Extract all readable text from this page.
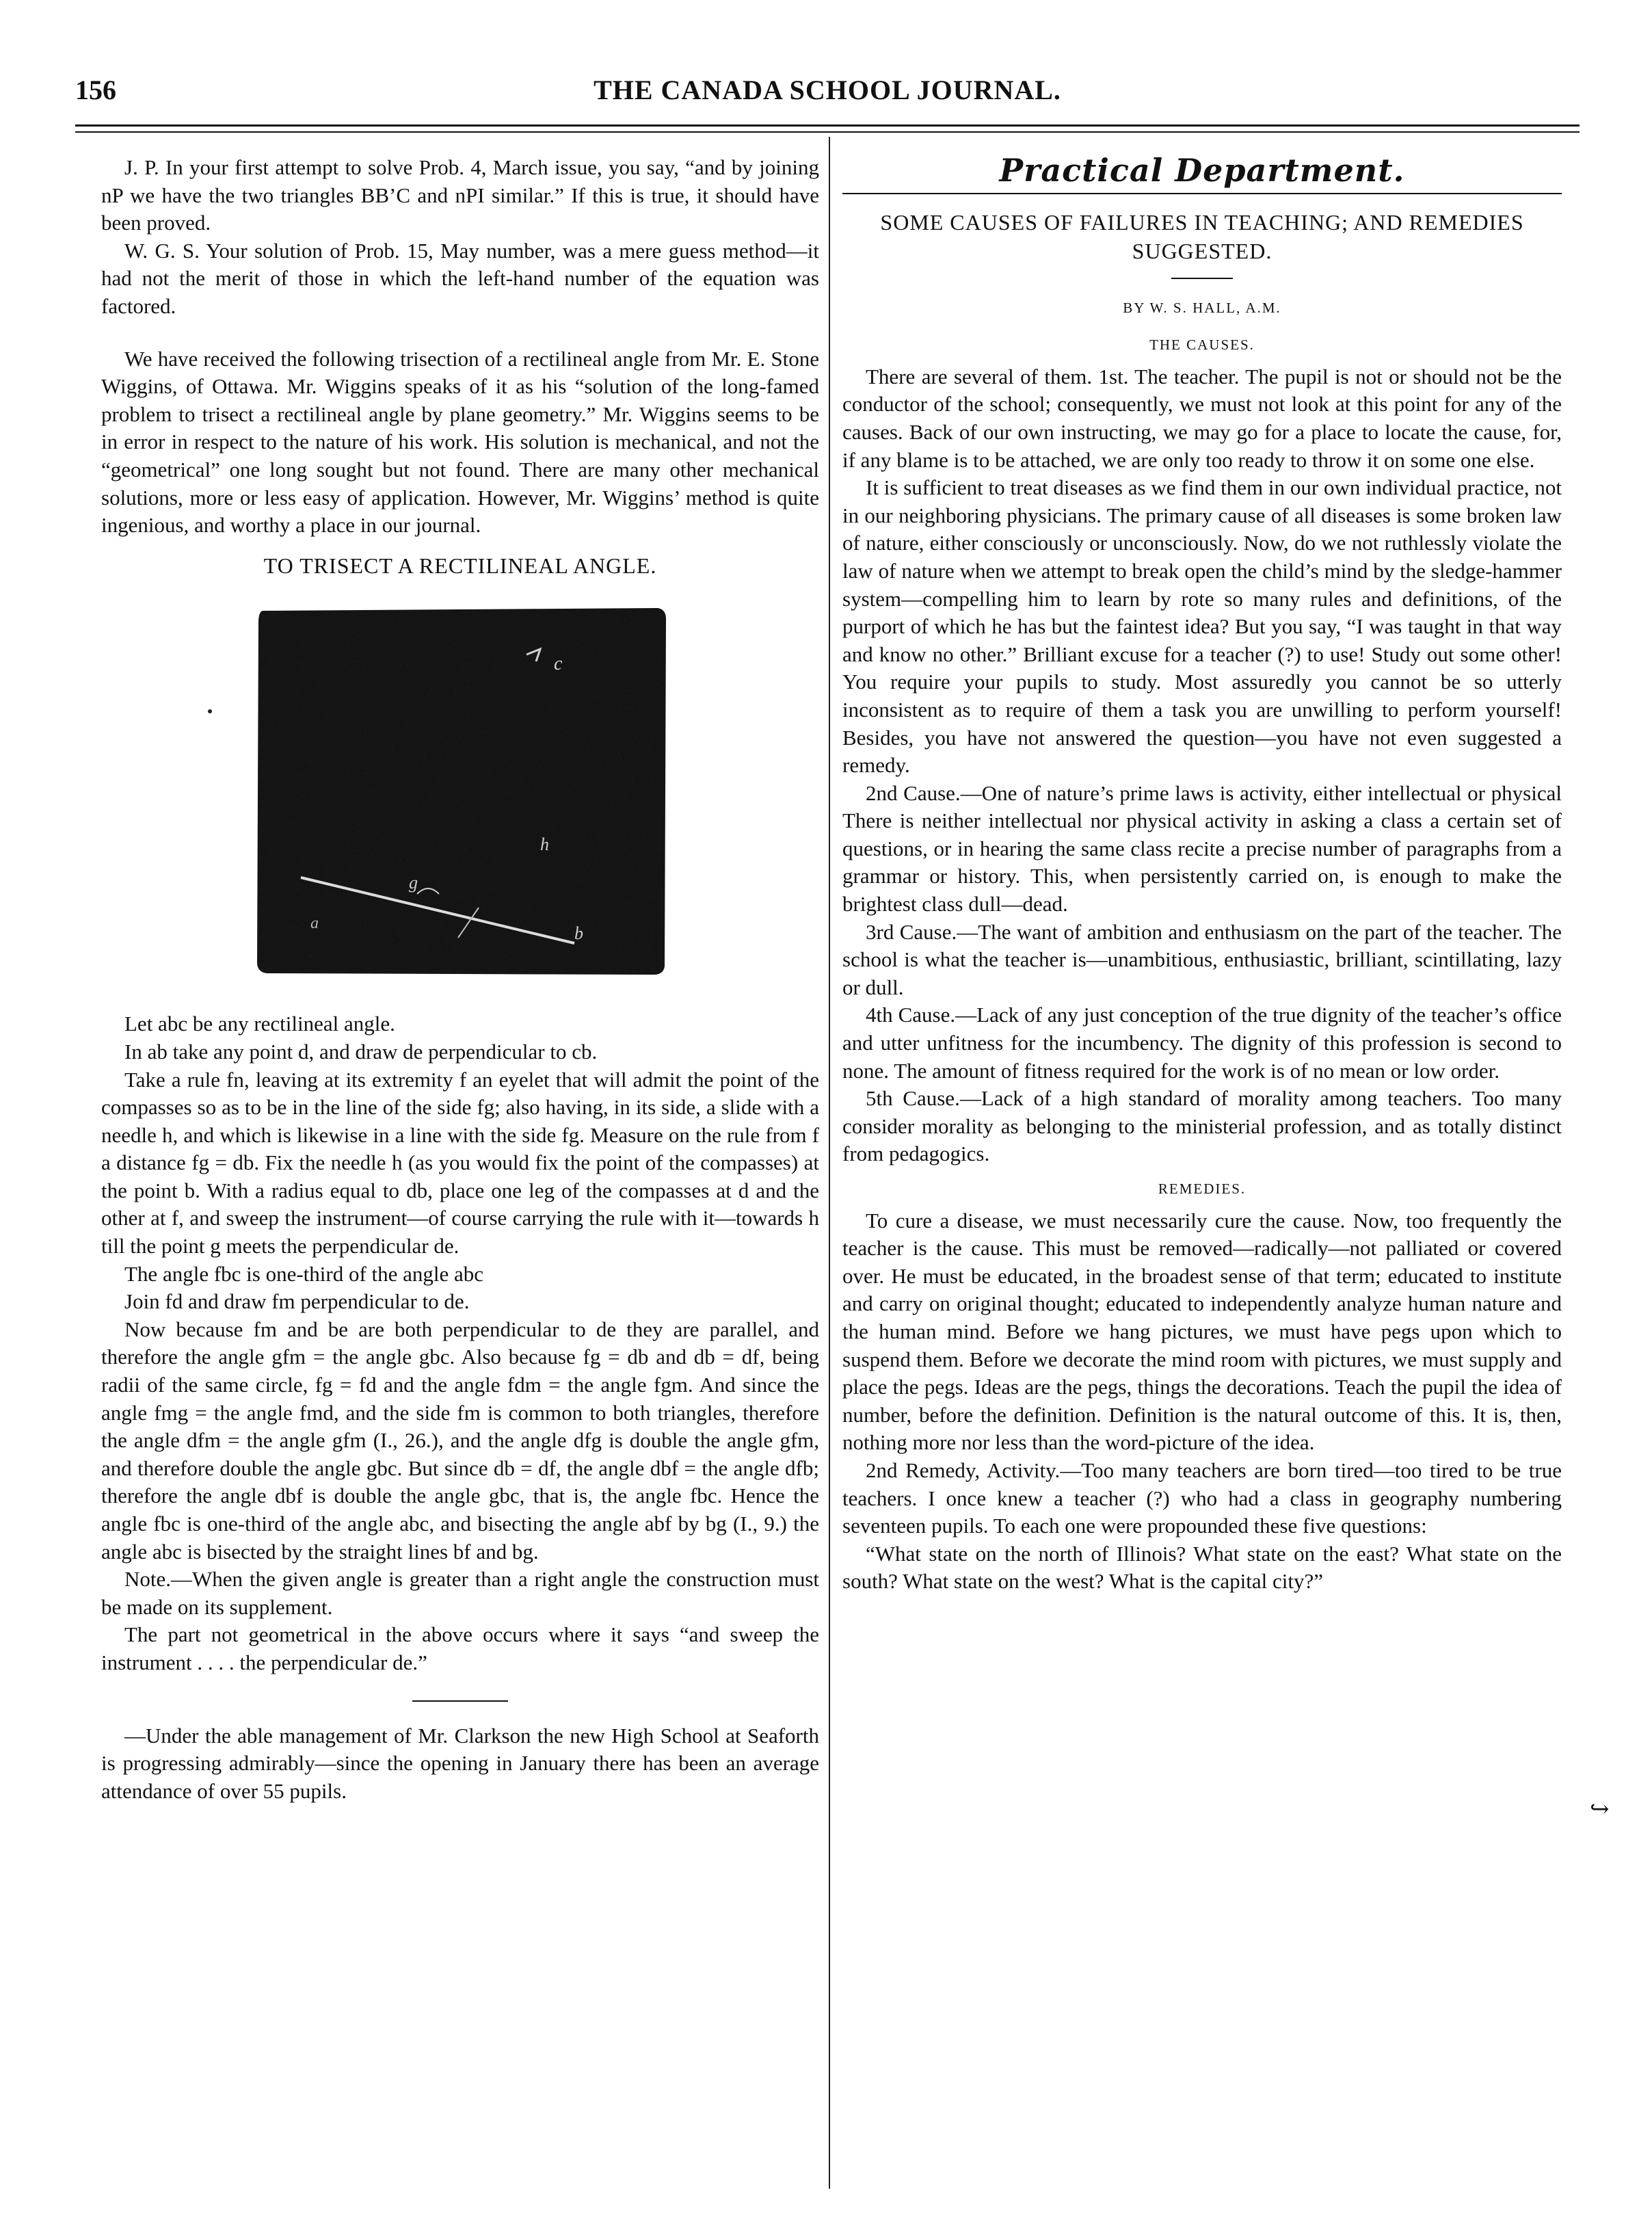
THE CANADA SCHOOL JOURNAL.
156

J. P. In your first attempt to solve Prob. 4, March issue, you say, “and by joining nP we have the two triangles BB’C and nPI similar.” If this is true, it should have been proved.

W. G. S. Your solution of Prob. 15, May number, was a mere guess method—it had not the merit of those in which the left-hand number of the equation was factored.

We have received the following trisection of a rectilineal angle from Mr. E. Stone Wiggins, of Ottawa. Mr. Wiggins speaks of it as his “solution of the long-famed problem to trisect a rectilineal angle by plane geometry.” Mr. Wiggins seems to be in error in respect to the nature of his work. His solution is mechanical, and not the “geometrical” one long sought but not found. There are many other mechanical solutions, more or less easy of application. However, Mr. Wiggins’ method is quite ingenious, and worthy a place in our journal.

TO TRISECT A RECTILINEAL ANGLE.
c
h
g
b
a

Let abc be any rectilineal angle.

In ab take any point d, and draw de perpendicular to cb.

Take a rule fn, leaving at its extremity f an eyelet that will admit the point of the compasses so as to be in the line of the side fg; also having, in its side, a slide with a needle h, and which is likewise in a line with the side fg. Measure on the rule from f a distance fg = db. Fix the needle h (as you would fix the point of the compasses) at the point b. With a radius equal to db, place one leg of the compasses at d and the other at f, and sweep the instrument—of course carrying the rule with it—towards h till the point g meets the perpendicular de.

The angle fbc is one-third of the angle abc

Join fd and draw fm perpendicular to de.

Now because fm and be are both perpendicular to de they are parallel, and therefore the angle gfm = the angle gbc. Also because fg = db and db = df, being radii of the same circle, fg = fd and the angle fdm = the angle fgm. And since the angle fmg = the angle fmd, and the side fm is common to both triangles, therefore the angle dfm = the angle gfm (I., 26.), and the angle dfg is double the angle gfm, and therefore double the angle gbc. But since db = df, the angle dbf = the angle dfb; therefore the angle dbf is double the angle gbc, that is, the angle fbc. Hence the angle fbc is one-third of the angle abc, and bisecting the angle abf by bg (I., 9.) the angle abc is bisected by the straight lines bf and bg.

Note.—When the given angle is greater than a right angle the construction must be made on its supplement.

The part not geometrical in the above occurs where it says “and sweep the instrument . . . . the perpendicular de.”

—Under the able management of Mr. Clarkson the new High School at Seaforth is progressing admirably—since the opening in January there has been an average attendance of over 55 pupils.

Practical Department.
SOME CAUSES OF FAILURES IN TEACHING; AND REMEDIES SUGGESTED.
BY W. S. HALL, A.M.
THE CAUSES.

There are several of them. 1st. The teacher. The pupil is not or should not be the conductor of the school; consequently, we must not look at this point for any of the causes. Back of our own instructing, we may go for a place to locate the cause, for, if any blame is to be attached, we are only too ready to throw it on some one else.

It is sufficient to treat diseases as we find them in our own individual practice, not in our neighboring physicians. The primary cause of all diseases is some broken law of nature, either consciously or unconsciously. Now, do we not ruthlessly violate the law of nature when we attempt to break open the child’s mind by the sledge-hammer system—compelling him to learn by rote so many rules and definitions, of the purport of which he has but the faintest idea? But you say, “I was taught in that way and know no other.” Brilliant excuse for a teacher (?) to use! Study out some other! You require your pupils to study. Most assuredly you cannot be so utterly inconsistent as to require of them a task you are unwilling to perform yourself! Besides, you have not answered the question—you have not even suggested a remedy.

2nd Cause.—One of nature’s prime laws is activity, either intellectual or physical There is neither intellectual nor physical activity in asking a class a certain set of questions, or in hearing the same class recite a precise number of paragraphs from a grammar or history. This, when persistently carried on, is enough to make the brightest class dull—dead.

3rd Cause.—The want of ambition and enthusiasm on the part of the teacher. The school is what the teacher is—unambitious, enthusiastic, brilliant, scintillating, lazy or dull.

4th Cause.—Lack of any just conception of the true dignity of the teacher’s office and utter unfitness for the incumbency. The dignity of this profession is second to none. The amount of fitness required for the work is of no mean or low order.

5th Cause.—Lack of a high standard of morality among teachers. Too many consider morality as belonging to the ministerial profession, and as totally distinct from pedagogics.

REMEDIES.

To cure a disease, we must necessarily cure the cause. Now, too frequently the teacher is the cause. This must be removed—radically—not palliated or covered over. He must be educated, in the broadest sense of that term; educated to institute and carry on original thought; educated to independently analyze human nature and the human mind. Before we hang pictures, we must have pegs upon which to suspend them. Before we decorate the mind room with pictures, we must supply and place the pegs. Ideas are the pegs, things the decorations. Teach the pupil the idea of number, before the definition. Definition is the natural outcome of this. It is, then, nothing more nor less than the word-picture of the idea.

2nd Remedy, Activity.—Too many teachers are born tired—too tired to be true teachers. I once knew a teacher (?) who had a class in geography numbering seventeen pupils. To each one were propounded these five questions:

“What state on the north of Illinois? What state on the east? What state on the south? What state on the west? What is the capital city?”

↪
